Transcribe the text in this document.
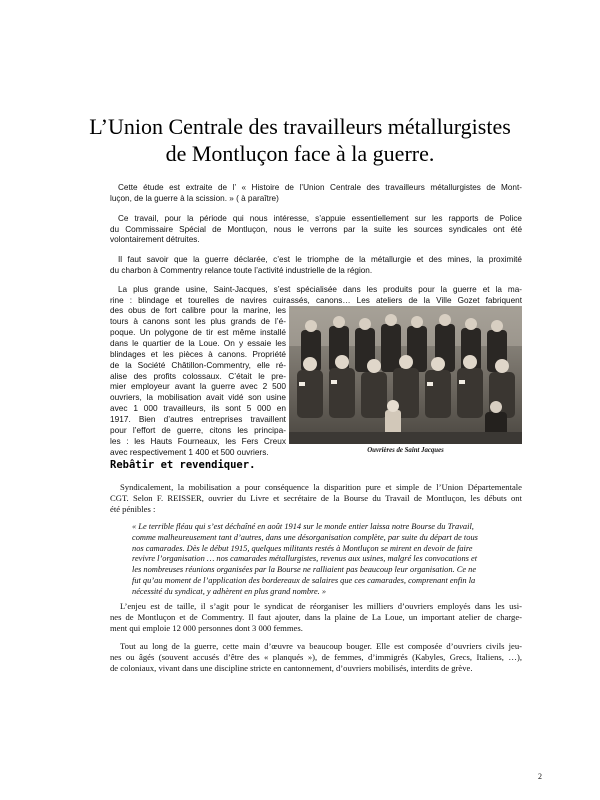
L’Union Centrale des travailleurs métallurgistes
de Montluçon face à la guerre.
Cette étude est extraite de l’ « Histoire de l’Union Centrale des travailleurs métallurgistes de Mont-
luçon, de la guerre à la scission. » ( à paraître)
Ce travail, pour la période qui nous intéresse, s’appuie essentiellement sur les rapports de Police
du Commissaire Spécial de Montluçon, nous le verrons par la suite les sources syndicales ont été
volontairement détruites.
Il faut savoir que la guerre déclarée, c’est le triomphe de la métallurgie et des mines, la proximité
du charbon à Commentry relance toute l’activité industrielle de la région.
La plus grande usine, Saint-Jacques, s’est spécialisée dans les produits pour la guerre et la ma-
rine : blindage et tourelles de navires cuirassés, canons… Les ateliers de la Ville Gozet fabriquent
des obus de fort calibre pour la marine, les
tours à canons sont les plus grands de l’é-
poque. Un polygone de tir est même installé
dans le quartier de la Loue. On y essaie les
blindages et les pièces à canons. Propriété
de la Société Châtillon-Commentry, elle ré-
alise des profits colossaux. C’était le pre-
mier employeur avant la guerre avec 2 500
ouvriers, la mobilisation avait vidé son usine
avec 1 000 travailleurs, ils sont 5 000 en
1917. Bien d’autres entreprises travaillent
pour l’effort de guerre, citons les principa-
les : les Hauts Fourneaux, les Fers Creux
avec respectivement 1 400 et 500 ouvriers.	Ouvrières de Saint Jacques
Rebâtir et revendiquer.
Syndicalement, la mobilisation a pour conséquence la disparition pure et simple de l’Union Départementale
CGT. Selon F. REISSER, ouvrier du Livre et secrétaire de la Bourse du Travail de Montluçon, les débuts ont
été pénibles :
« Le terrible fléau qui s’est déchaîné en août 1914 sur le monde entier laissa notre Bourse du Travail,
comme malheureusement tant d’autres, dans une désorganisation complète, par suite du départ de tous
nos camarades. Dès le début 1915, quelques militants restés à Montluçon se mirent en devoir de faire
revivre l’organisation … nos camarades métallurgistes, revenus aux usines, malgré les convocations et
les nombreuses réunions organisées par la Bourse ne ralliaient pas beaucoup leur organisation. Ce ne
fut qu’au moment de l’application des bordereaux de salaires que ces camarades, comprenant enfin la
nécessité du syndicat, y adhèrent en plus grand nombre. »
L’enjeu est de taille, il s’agit pour le syndicat de réorganiser les milliers d’ouvriers employés dans les usi-
nes de Montluçon et de Commentry. Il faut ajouter, dans la plaine de La Loue, un important atelier de charge-
ment qui emploie 12 000 personnes dont 3 000 femmes.
Tout au long de la guerre, cette main d’œuvre va beaucoup bouger. Elle est composée d’ouvriers civils jeu-
nes ou âgés (souvent accusés d’être des « planqués »), de femmes, d’immigrés (Kabyles, Grecs, Italiens, …),
de coloniaux, vivant dans une discipline stricte en cantonnement, d’ouvriers mobilisés, interdits de grève.
2
